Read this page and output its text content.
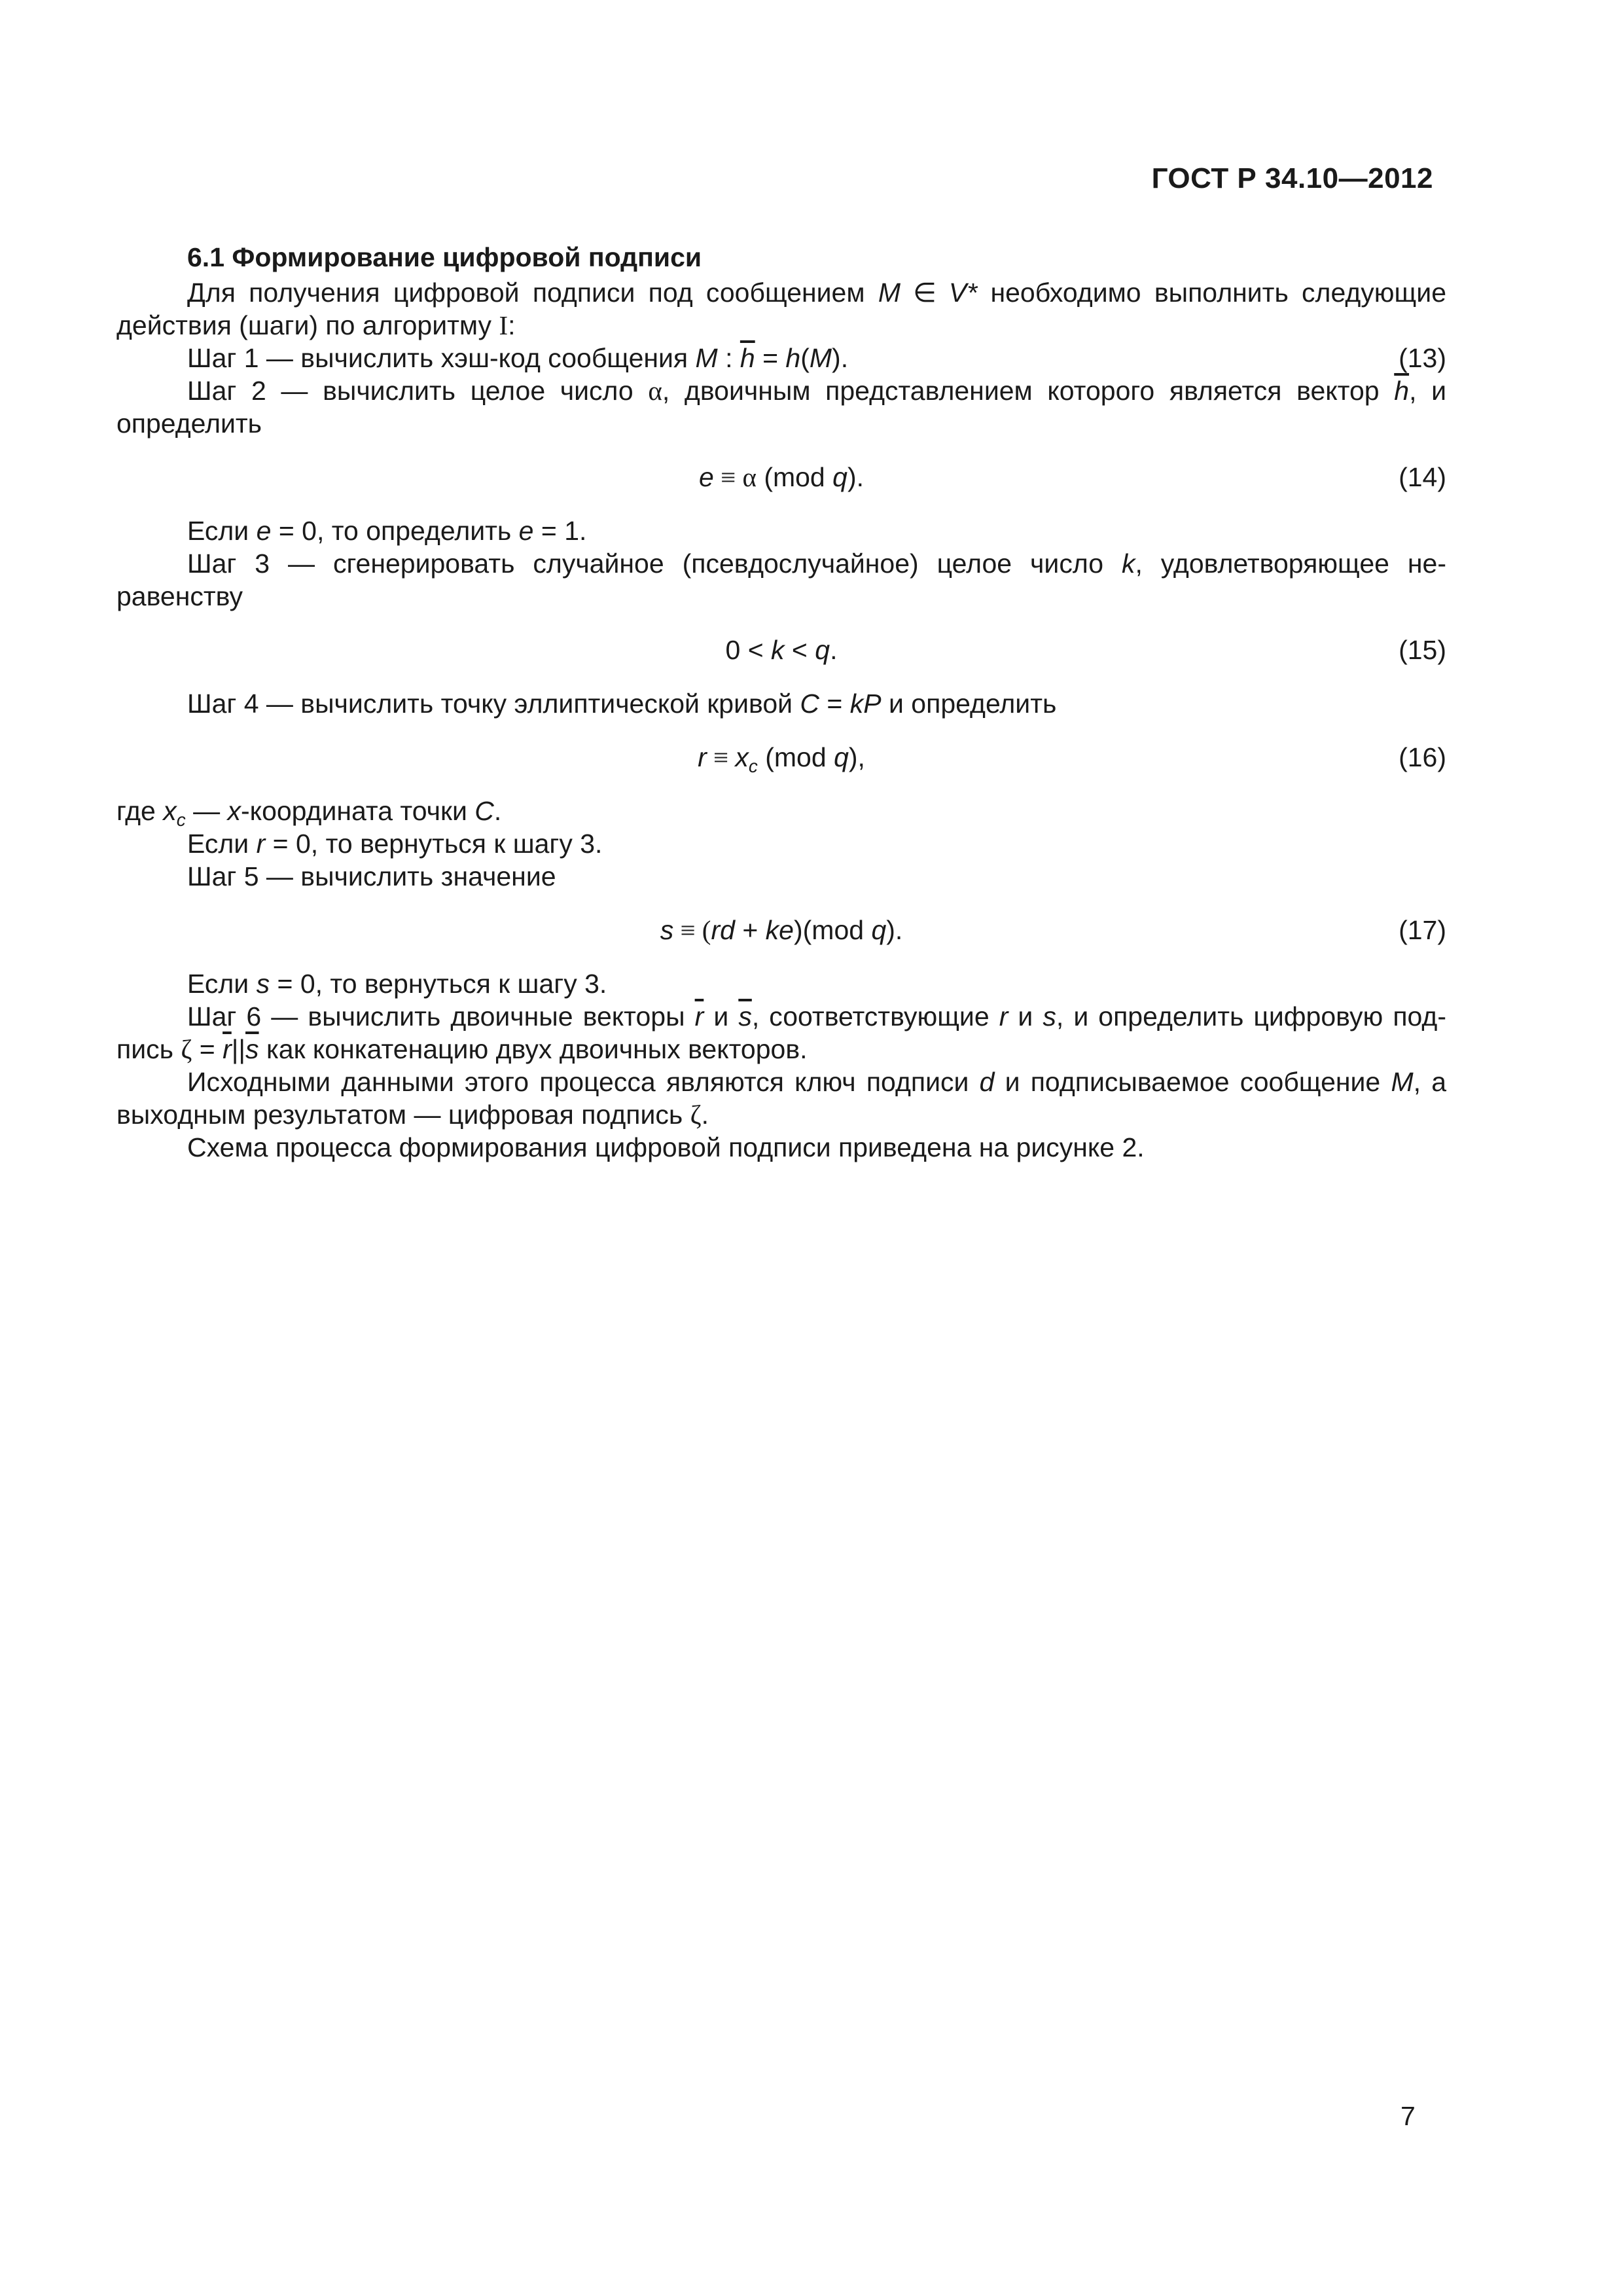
ГОСТ Р 34.10—2012
6.1 Формирование цифровой подписи
Для получения цифровой подписи под сообщением M ∈ V* необходимо выполнить следующие действия (шаги) по алгоритму I:
Шаг 1 — вычислить хэш-код сообщения M : $\overline{h} = h(M)$.	(13)
Шаг 2 — вычислить целое число α, двоичным представлением которого является вектор $\overline{h}$, и определить
e ≡ α (mod q).	(14)
Если e = 0, то определить e = 1.
Шаг 3 — сгенерировать случайное (псевдослучайное) целое число k, удовлетворяющее не-равенству
0 < k < q.	(15)
Шаг 4 — вычислить точку эллиптической кривой C = kP и определить
$r \equiv x_c$ (mod q),	(16)
где $x_c$ — x-координата точки C.
Если r = 0, то вернуться к шагу 3.
Шаг 5 — вычислить значение
s ≡ (rd + ke)(mod q).	(17)
Если s = 0, то вернуться к шагу 3.
Шаг 6 — вычислить двоичные векторы $\overline{r}$ и $\overline{s}$, соответствующие r и s, и определить цифровую под-пись $\zeta = \overline{r}||\overline{s}$ как конкатенацию двух двоичных векторов.
Исходными данными этого процесса являются ключ подписи d и подписываемое сообщение M, а выходным результатом — цифровая подпись ζ.
Схема процесса формирования цифровой подписи приведена на рисунке 2.
7
